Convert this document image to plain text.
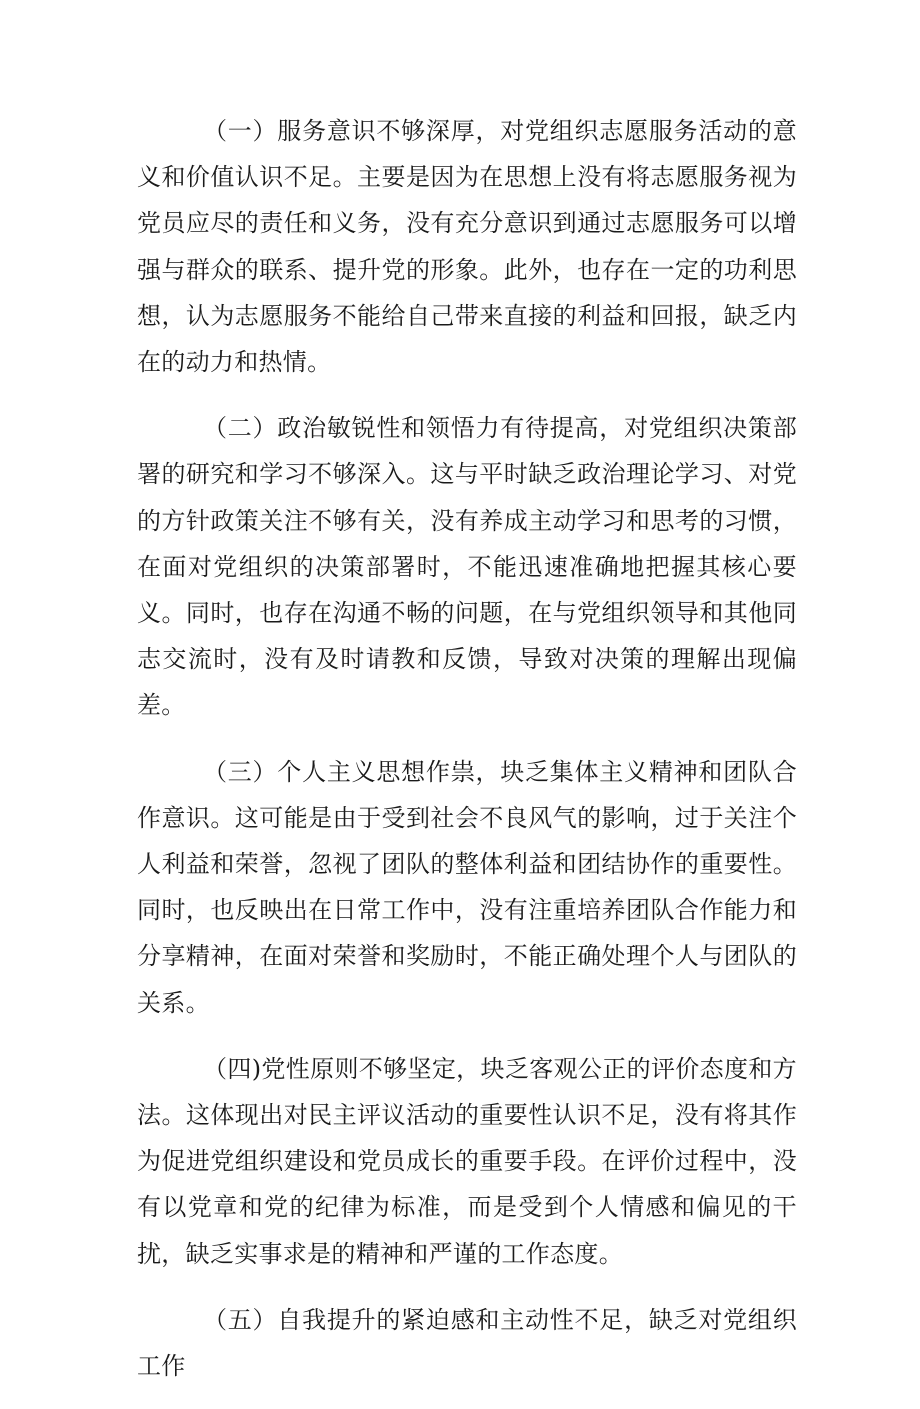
（一）服务意识不够深厚，对党组织志愿服务活动的意义和价值认识不足。主要是因为在思想上没有将志愿服务视为党员应尽的责任和义务，没有充分意识到通过志愿服务可以增强与群众的联系、提升党的形象。此外，也存在一定的功利思想，认为志愿服务不能给自己带来直接的利益和回报，缺乏内在的动力和热情。

（二）政治敏锐性和领悟力有待提高，对党组织决策部署的研究和学习不够深入。这与平时缺乏政治理论学习、对党的方针政策关注不够有关，没有养成主动学习和思考的习惯，在面对党组织的决策部署时，不能迅速准确地把握其核心要义。同时，也存在沟通不畅的问题，在与党组织领导和其他同志交流时，没有及时请教和反馈，导致对决策的理解出现偏差。

（三）个人主义思想作祟，块乏集体主义精神和团队合作意识。这可能是由于受到社会不良风气的影响，过于关注个人利益和荣誉，忽视了团队的整体利益和团结协作的重要性。同时，也反映出在日常工作中，没有注重培养团队合作能力和分享精神，在面对荣誉和奖励时，不能正确处理个人与团队的关系。

（四)党性原则不够坚定，块乏客观公正的评价态度和方法。这体现出对民主评议活动的重要性认识不足，没有将其作为促进党组织建设和党员成长的重要手段。在评价过程中，没有以党章和党的纪律为标准，而是受到个人情感和偏见的干扰，缺乏实事求是的精神和严谨的工作态度。

（五）自我提升的紧迫感和主动性不足，缺乏对党组织工作
